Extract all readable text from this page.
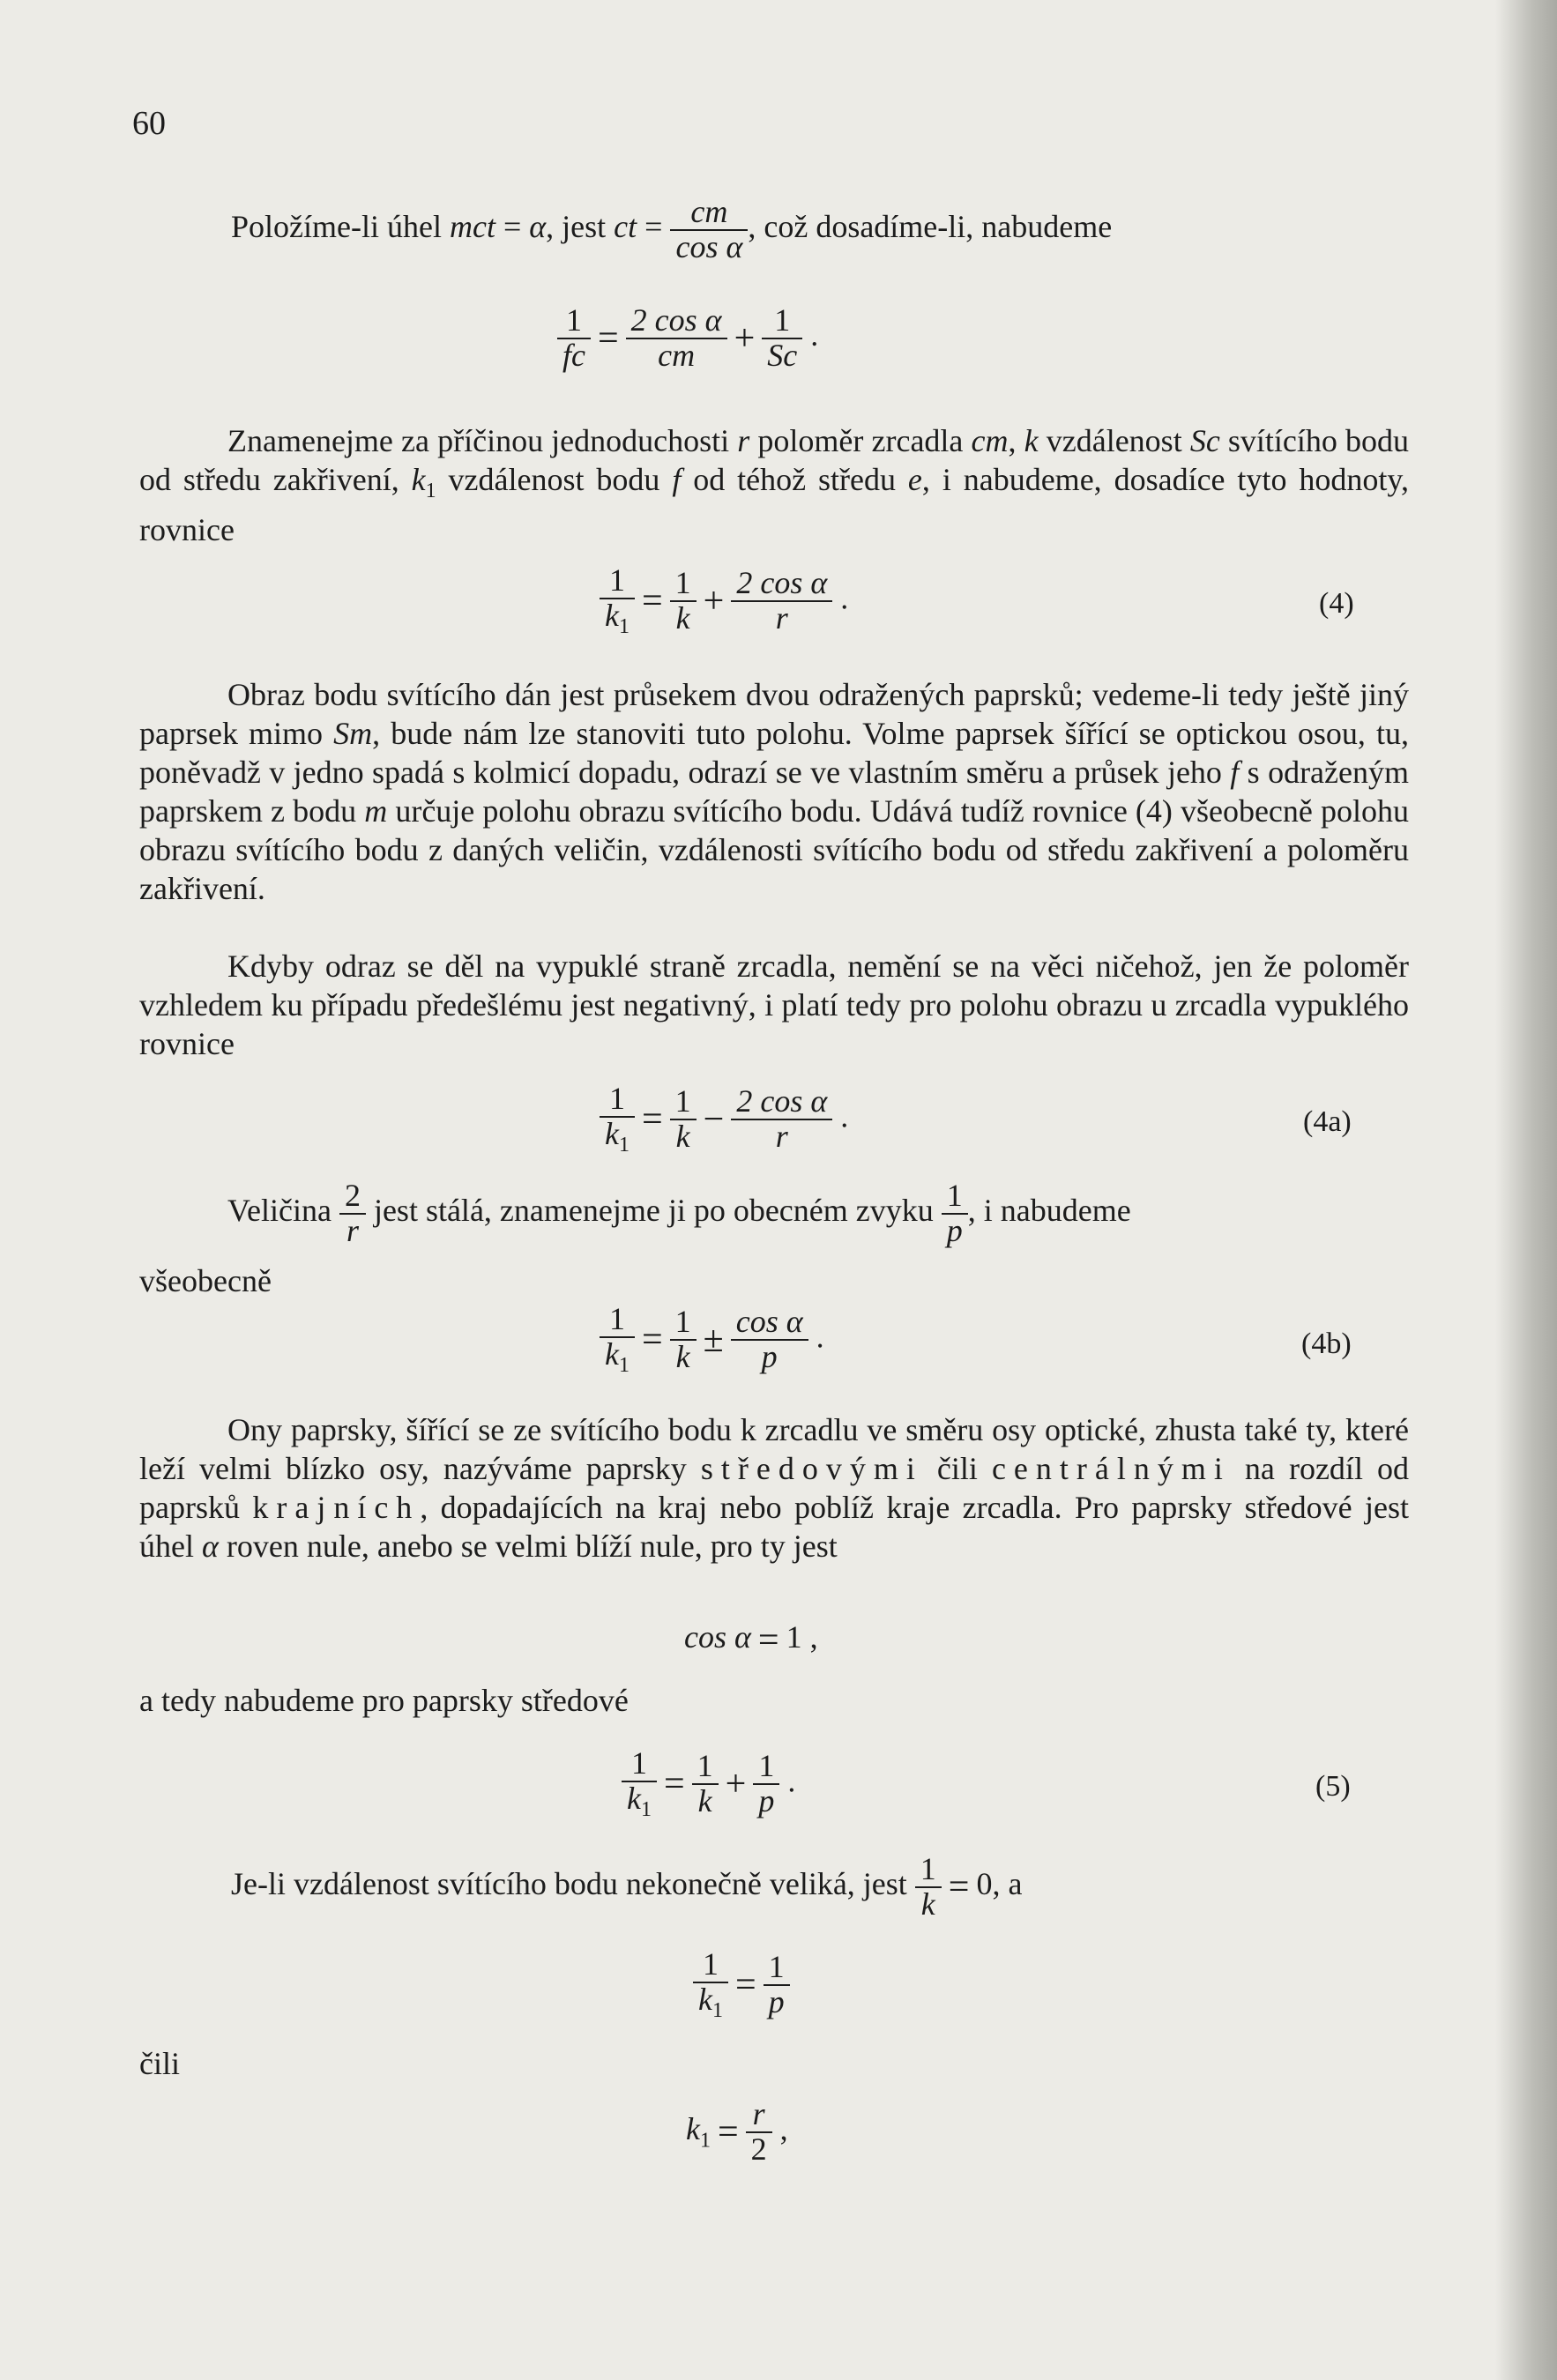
60
Položíme-li úhel mct = α, jest ct = $\frac{cm}{\text{cos α}}$ , což dosadíme-li, nabudeme
$\frac{1}{fc} = \frac{\text{2 cos α}}{cm} + \frac{1}{Sc}$ .

Znamenejme za příčinou jednoduchosti r poloměr zrcadla cm, k vzdálenost Sc svítícího bodu od středu zakřivení, $k_1$ vzdálenost bodu f od téhož středu e, i nabudeme, dosadíce tyto hodnoty, rovnice

$\frac{1}{k_1} = \frac{1}{k} + \frac{\text{2 cos α}}{r}$ .	(4)

Obraz bodu svítícího dán jest průsekem dvou odražených paprsků; vedeme-li tedy ještě jiný paprsek mimo Sm, bude nám lze stanoviti tuto polohu. Volme paprsek šířící se optickou osou, tu, poněvadž v jedno spadá s kolmicí dopadu, odrazí se ve vlastním směru a průsek jeho f s odraženým paprskem z bodu m určuje polohu obrazu svítícího bodu. Udává tudíž rovnice (4) všeobecně polohu obrazu svítícího bodu z daných veličin, vzdálenosti svítícího bodu od středu zakřivení a poloměru zakřivení.

Kdyby odraz se děl na vypuklé straně zrcadla, nemění se na věci ničehož, jen že poloměr vzhledem ku případu předešlému jest negativný, i platí tedy pro polohu obrazu u zrcadla vypuklého rovnice

$\frac{1}{k_1} = \frac{1}{k} - \frac{\text{2 cos α}}{r}$ .	(4a)
Veličina $\frac{2}{r}$ jest stálá, znamenejme ji po obecném zvyku $\frac{1}{p}$ , i nabudeme
všeobecně
$\frac{1}{k_1} = \frac{1}{k} \pm \frac{\text{cos α}}{p}$ .	(4b)

Ony paprsky, šířící se ze svítícího bodu k zrcadlu ve směru osy optické, zhusta také ty, které leží velmi blízko osy, nazýváme paprsky středovými čili centrálnými na rozdíl od paprsků krajních, dopadajících na kraj nebo poblíž kraje zrcadla. Pro paprsky středové jest úhel α roven nule, anebo se velmi blíží nule, pro ty jest

cos α = 1 ,
a tedy nabudeme pro paprsky středové
$\frac{1}{k_1} = \frac{1}{k} + \frac{1}{p}$ .	(5)
Je-li vzdálenost svítícího bodu nekonečně veliká, jest $\frac{1}{k} = 0$, a
$\frac{1}{k_1} = \frac{1}{p}$
čili
$k_1 = \frac{r}{2}$ ,
